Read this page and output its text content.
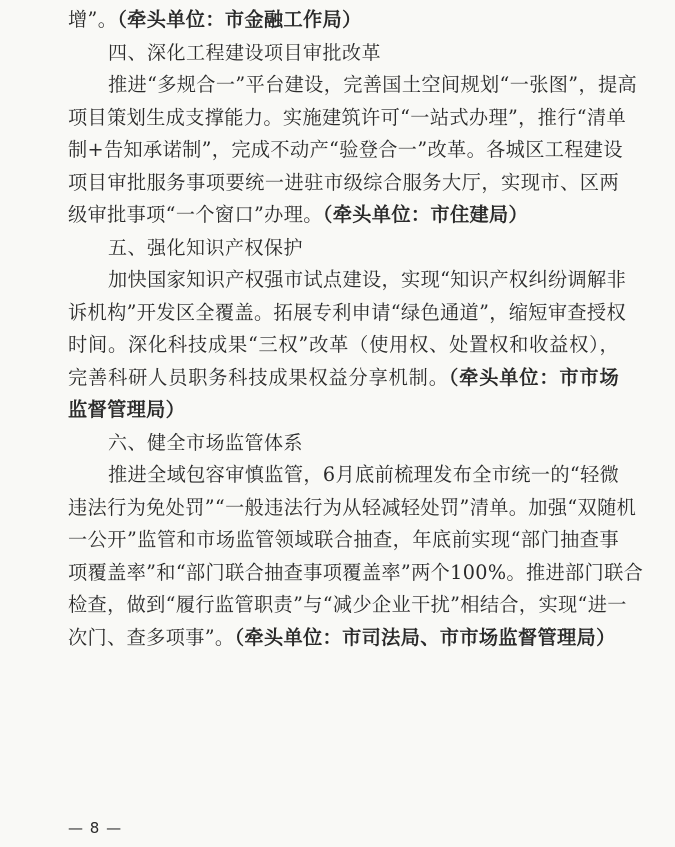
增”。（牵头单位：市金融工作局）
四、深化工程建设项目审批改革
推进“多规合一”平台建设，完善国土空间规划“一张图”，提高
项目策划生成支撑能力。实施建筑许可“一站式办理”，推行“清单
制+告知承诺制”，完成不动产“验登合一”改革。各城区工程建设
项目审批服务事项要统一进驻市级综合服务大厅，实现市、区两
级审批事项“一个窗口”办理。（牵头单位：市住建局）
五、强化知识产权保护
加快国家知识产权强市试点建设，实现“知识产权纠纷调解非
诉机构”开发区全覆盖。拓展专利申请“绿色通道”，缩短审查授权
时间。深化科技成果“三权”改革（使用权、处置权和收益权），
完善科研人员职务科技成果权益分享机制。（牵头单位：市市场
监督管理局）
六、健全市场监管体系
推进全域包容审慎监管，6月底前梳理发布全市统一的“轻微
违法行为免处罚”“一般违法行为从轻减轻处罚”清单。加强“双随机
一公开”监管和市场监管领域联合抽查，年底前实现“部门抽查事
项覆盖率”和“部门联合抽查事项覆盖率”两个100%。推进部门联合
检查，做到“履行监管职责”与“减少企业干扰”相结合，实现“进一
次门、查多项事”。（牵头单位：市司法局、市市场监督管理局）
— 8 —
